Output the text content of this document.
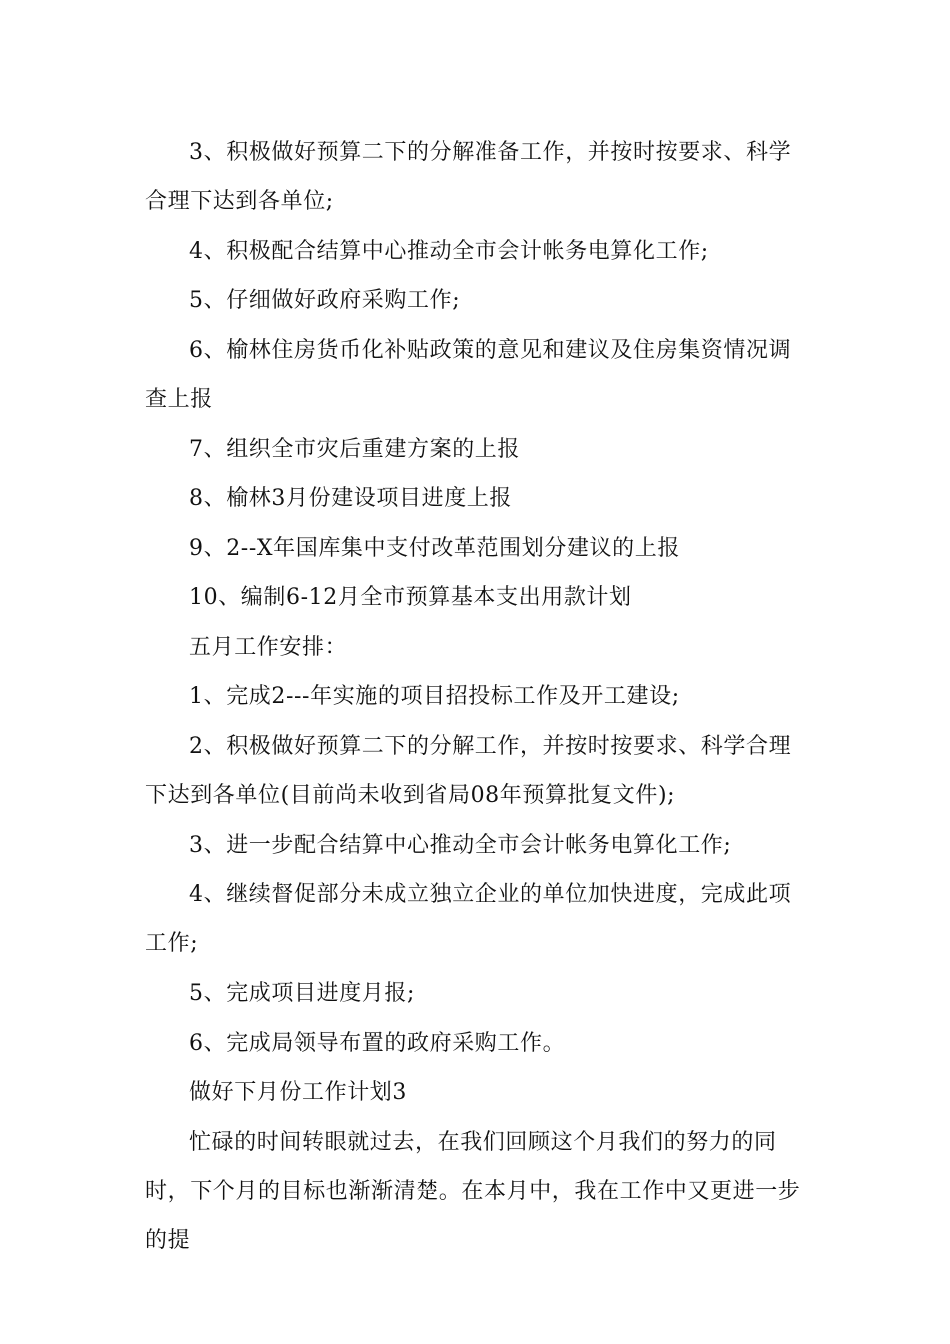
3、积极做好预算二下的分解准备工作，并按时按要求、科学合理下达到各单位;

4、积极配合结算中心推动全市会计帐务电算化工作;

5、仔细做好政府采购工作;

6、榆林住房货币化补贴政策的意见和建议及住房集资情况调查上报

7、组织全市灾后重建方案的上报

8、榆林3月份建设项目进度上报

9、2--X年国库集中支付改革范围划分建议的上报

10、编制6-12月全市预算基本支出用款计划

五月工作安排：

1、完成2---年实施的项目招投标工作及开工建设;

2、积极做好预算二下的分解工作，并按时按要求、科学合理下达到各单位(目前尚未收到省局08年预算批复文件);

3、进一步配合结算中心推动全市会计帐务电算化工作;

4、继续督促部分未成立独立企业的单位加快进度，完成此项工作;

5、完成项目进度月报;

6、完成局领导布置的政府采购工作。

做好下月份工作计划3

忙碌的时间转眼就过去，在我们回顾这个月我们的努力的同时，下个月的目标也渐渐清楚。在本月中，我在工作中又更进一步的提
